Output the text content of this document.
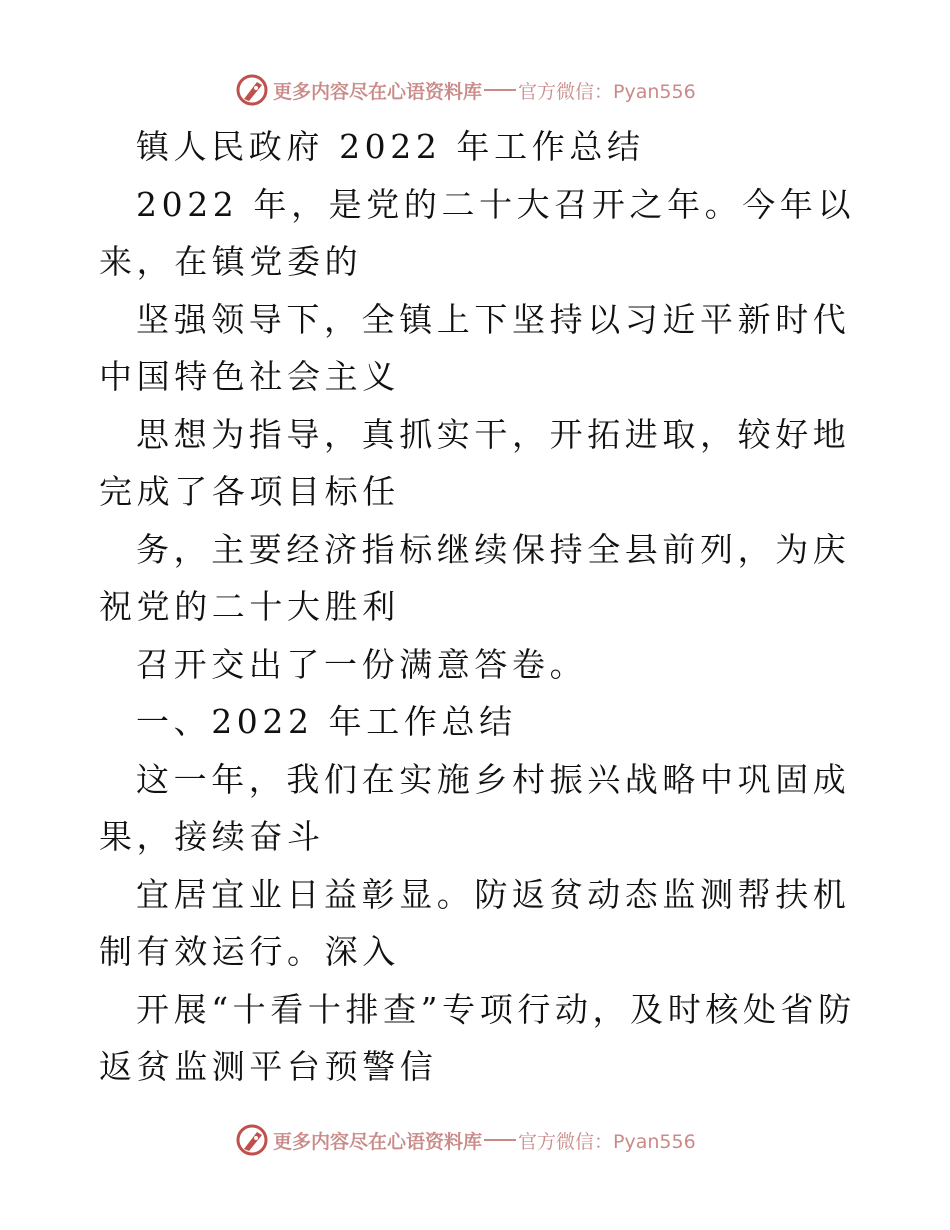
更多内容尽在心语资料库 官方微信：Pyan556

镇人民政府 2022 年工作总结

2022 年，是党的二十大召开之年。今年以来，在镇党委的

坚强领导下，全镇上下坚持以习近平新时代中国特色社会主义

思想为指导，真抓实干，开拓进取，较好地完成了各项目标任

务，主要经济指标继续保持全县前列，为庆祝党的二十大胜利

召开交出了一份满意答卷。

一、2022 年工作总结

这一年，我们在实施乡村振兴战略中巩固成果，接续奋斗

宜居宜业日益彰显。防返贫动态监测帮扶机制有效运行。深入

开展“十看十排查”专项行动，及时核处省防返贫监测平台预警信

更多内容尽在心语资料库 官方微信：Pyan556
